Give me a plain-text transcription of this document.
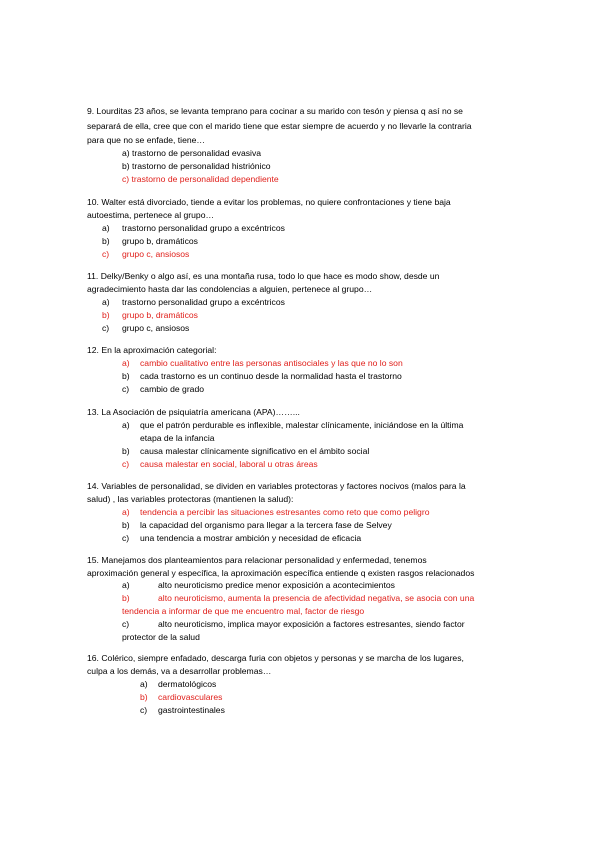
9. Lourditas 23 años, se levanta temprano para cocinar a su marido con tesón y piensa q así no se
separará de ella, cree que con el marido tiene que estar siempre de acuerdo y no llevarle la contraria
para que no se enfade, tiene…
a) trastorno de personalidad evasiva
b) trastorno de personalidad histriónico
c) trastorno de personalidad dependiente
10. Walter está divorciado, tiende a evitar los problemas, no quiere confrontaciones y tiene baja
autoestima, pertenece al grupo…
a) trastorno personalidad grupo a excéntricos
b) grupo b, dramáticos
c) grupo c, ansiosos
11. Delky/Benky o algo así, es una montaña rusa, todo lo que hace es modo show, desde un
agradecimiento hasta dar las condolencias a alguien, pertenece al grupo…
a) trastorno personalidad grupo a excéntricos
b) grupo b, dramáticos
c) grupo c, ansiosos
12. En la aproximación categorial:
a) cambio cualitativo entre las personas antisociales y las que no lo son
b) cada trastorno es un continuo desde la normalidad hasta el trastorno
c) cambio de grado
13. La Asociación de psiquiatría americana (APA)……...
a) que el patrón perdurable es inflexible, malestar clínicamente, iniciándose en la última
etapa de la infancia
b) causa malestar clínicamente significativo en el ámbito social
c) causa malestar en social, laboral u otras áreas
14. Variables de personalidad, se dividen en variables protectoras y factores nocivos (malos para la
salud) , las variables protectoras (mantienen la salud):
a) tendencia a percibir las situaciones estresantes como reto que como peligro
b) la capacidad del organismo para llegar a la tercera fase de Selvey
c) una tendencia a mostrar ambición y necesidad de eficacia
15. Manejamos dos planteamientos para relacionar personalidad y enfermedad, tenemos
aproximación general y específica, la aproximación específica entiende q existen rasgos relacionados
a)	alto neuroticismo predice menor exposición a acontecimientos
b)	alto neuroticismo, aumenta la presencia de afectividad negativa, se asocia con una
tendencia a informar de que me encuentro mal, factor de riesgo
c)	alto neuroticismo, implica mayor exposición a factores estresantes, siendo factor
protector de la salud
16. Colérico, siempre enfadado, descarga furia con objetos y personas y se marcha de los lugares,
culpa a los demás, va a desarrollar problemas…
a) dermatológicos
b) cardiovasculares
c) gastrointestinales
